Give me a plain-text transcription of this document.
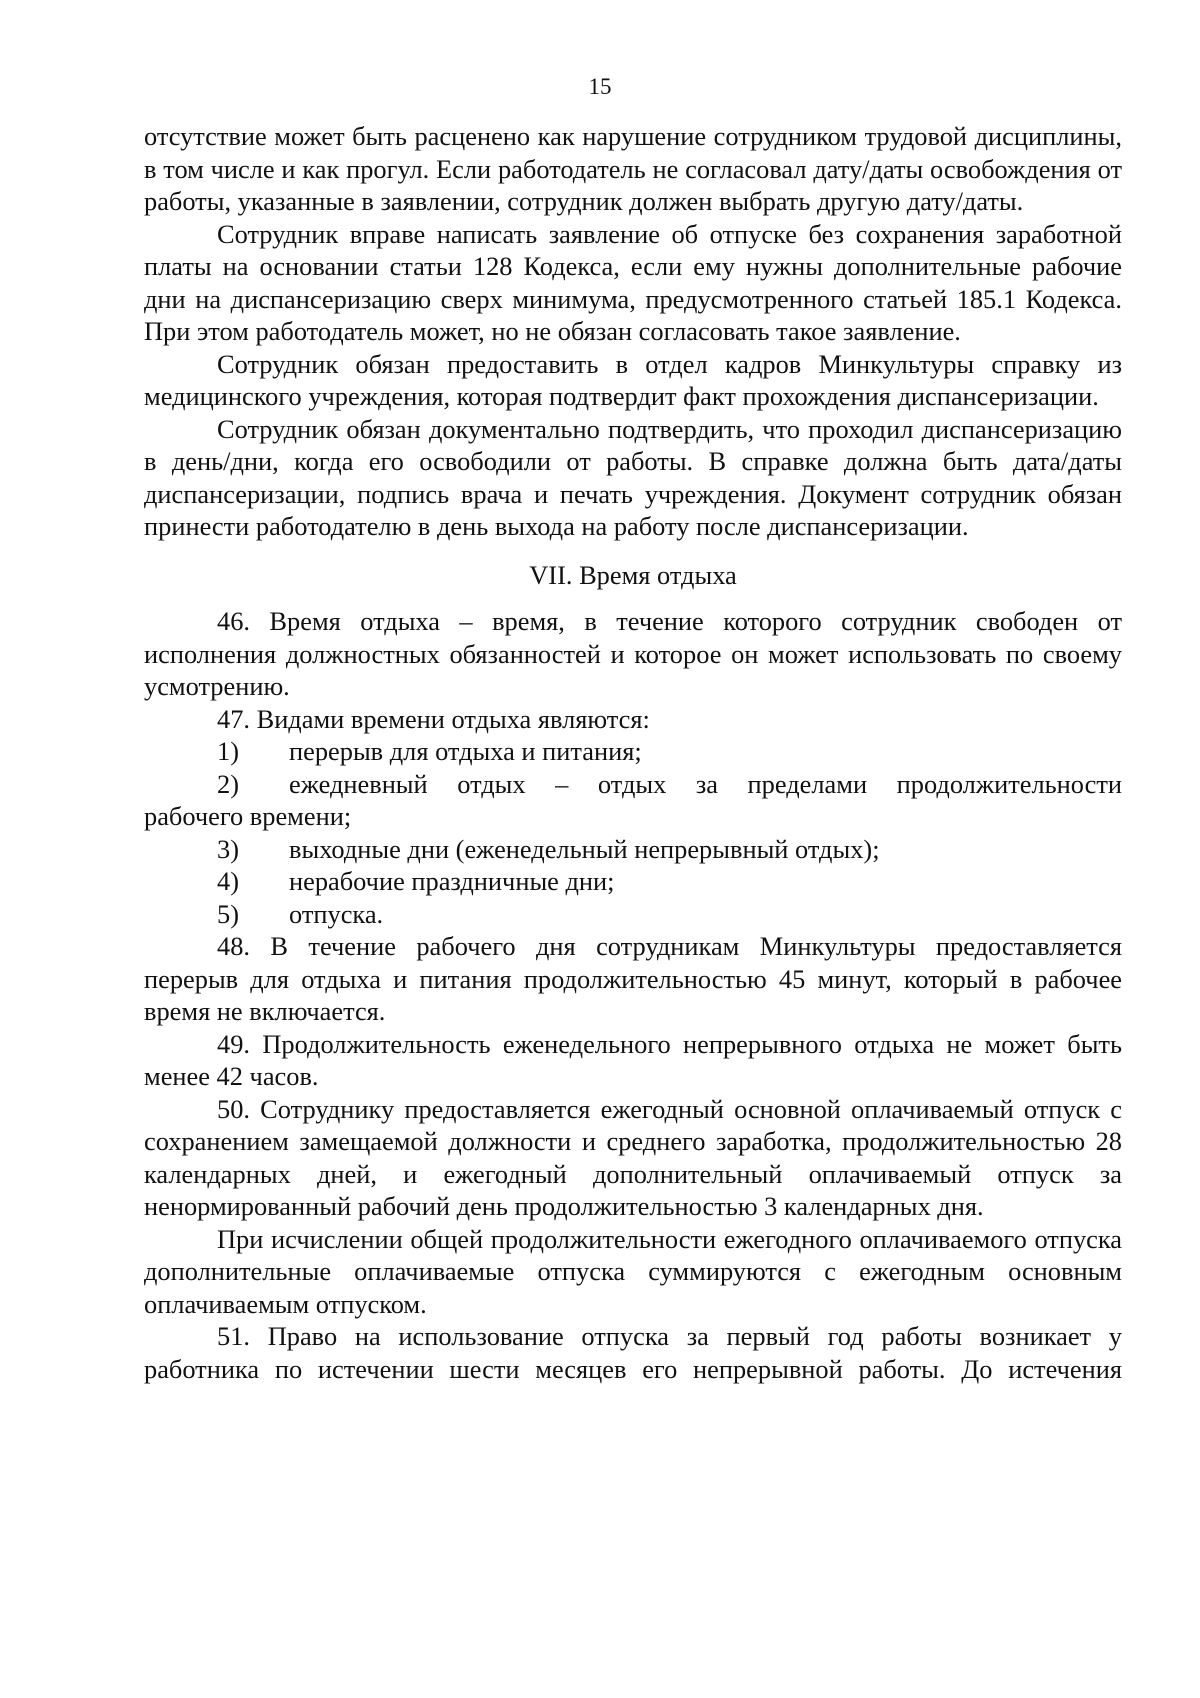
15

отсутствие может быть расценено как нарушение сотрудником трудовой дисциплины, в том числе и как прогул. Если работодатель не согласовал дату/даты освобождения от работы, указанные в заявлении, сотрудник должен выбрать другую дату/даты.

Сотрудник вправе написать заявление об отпуске без сохранения заработной платы на основании статьи 128 Кодекса, если ему нужны дополнительные рабочие дни на диспансеризацию сверх минимума, предусмотренного статьей 185.1 Кодекса. При этом работодатель может, но не обязан согласовать такое заявление.

Сотрудник обязан предоставить в отдел кадров Минкультуры справку из медицинского учреждения, которая подтвердит факт прохождения диспансеризации.

Сотрудник обязан документально подтвердить, что проходил диспансеризацию в день/дни, когда его освободили от работы. В справке должна быть дата/даты диспансеризации, подпись врача и печать учреждения. Документ сотрудник обязан принести работодателю в день выхода на работу после диспансеризации.

VII. Время отдыха

46. Время отдыха – время, в течение которого сотрудник свободен от исполнения должностных обязанностей и которое он может использовать по своему усмотрению.

47. Видами времени отдыха являются:

1) перерыв для отдыха и питания;

2) ежедневный отдых – отдых за пределами продолжительности

рабочего времени;

3) выходные дни (еженедельный непрерывный отдых);

4) нерабочие праздничные дни;

5) отпуска.

48. В течение рабочего дня сотрудникам Минкультуры предоставляется перерыв для отдыха и питания продолжительностью 45 минут, который в рабочее время не включается.

49. Продолжительность еженедельного непрерывного отдыха не может быть менее 42 часов.

50. Сотруднику предоставляется ежегодный основной оплачиваемый отпуск с сохранением замещаемой должности и среднего заработка, продолжительностью 28 календарных дней, и ежегодный дополнительный оплачиваемый отпуск за ненормированный рабочий день продолжительностью 3 календарных дня.

При исчислении общей продолжительности ежегодного оплачиваемого отпуска дополнительные оплачиваемые отпуска суммируются с ежегодным основным оплачиваемым отпуском.

51. Право на использование отпуска за первый год работы возникает у работника по истечении шести месяцев его непрерывной работы. До истечения
